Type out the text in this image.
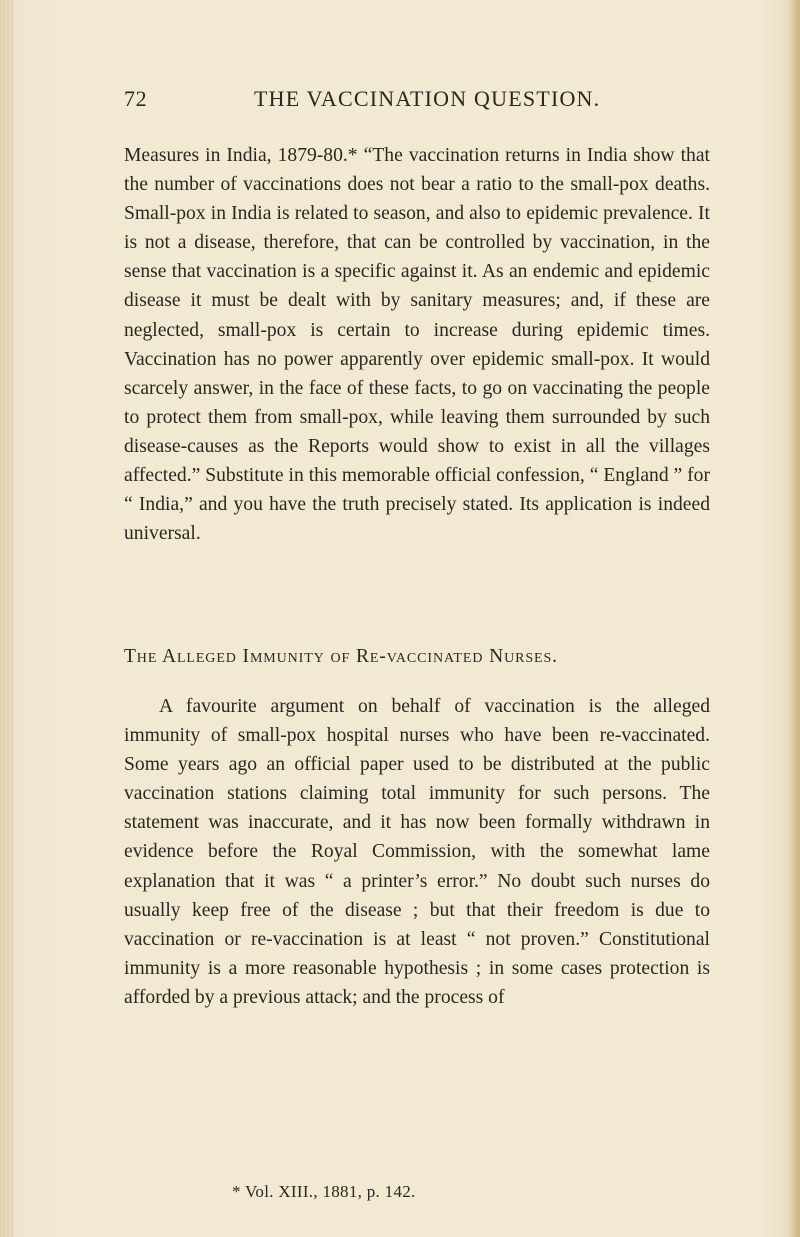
72	THE VACCINATION QUESTION.
Measures in India, 1879-80.* “The vaccination returns in India show that the number of vaccinations does not bear a ratio to the small-pox deaths. Small-pox in India is related to season, and also to epidemic prevalence. It is not a disease, therefore, that can be controlled by vaccination, in the sense that vaccination is a specific against it. As an endemic and epidemic disease it must be dealt with by sanitary measures; and, if these are neglected, small-pox is certain to increase during epidemic times. Vaccination has no power apparently over epidemic small-pox. It would scarcely answer, in the face of these facts, to go on vaccinating the people to protect them from small-pox, while leaving them surrounded by such disease-causes as the Reports would show to exist in all the villages affected.” Substitute in this memorable official confession, “ England ” for “ India,” and you have the truth precisely stated. Its application is indeed universal.
The Alleged Immunity of Re-vaccinated Nurses.
A favourite argument on behalf of vaccination is the alleged immunity of small-pox hospital nurses who have been re-vaccinated. Some years ago an official paper used to be distributed at the public vaccination stations claiming total immunity for such persons. The statement was inaccurate, and it has now been formally withdrawn in evidence before the Royal Commission, with the somewhat lame explanation that it was “ a printer’s error.” No doubt such nurses do usually keep free of the disease ; but that their freedom is due to vaccination or re-vaccination is at least “ not proven.” Constitutional immunity is a more reasonable hypothesis ; in some cases protection is afforded by a previous attack; and the process of
* Vol. XIII., 1881, p. 142.
